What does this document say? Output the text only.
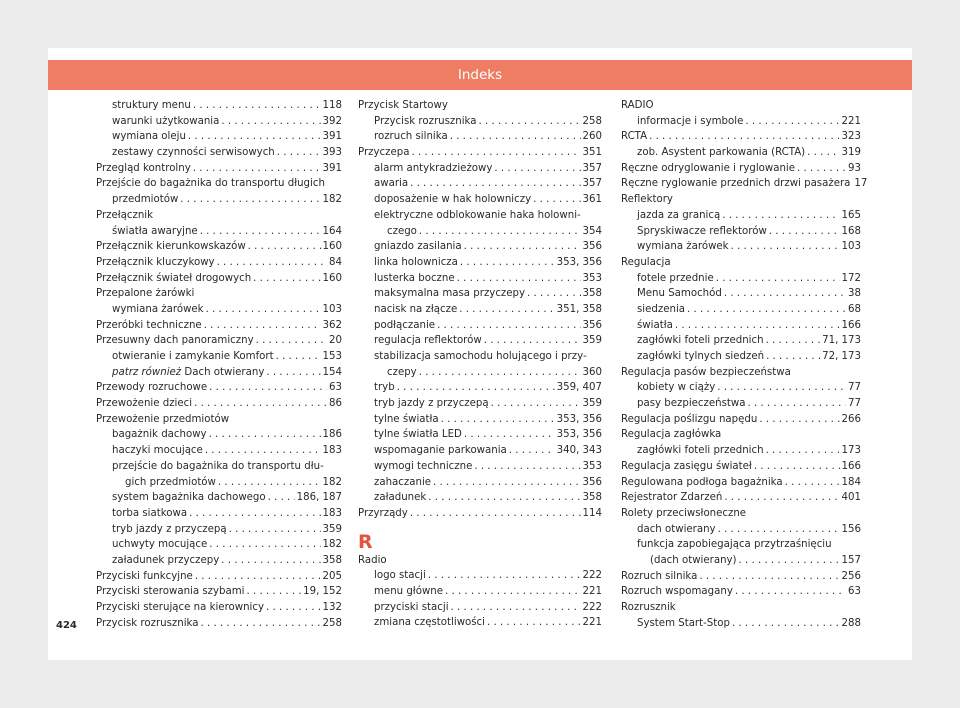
Indeks
struktury menu . . .	118
warunki użytkowania . . .	392
wymiana oleju . . .	391
zestawy czynności serwisowych . . .	393
Przegląd kontrolny . . .	391
Przejście do bagażnika do transportu długich
przedmiotów . . .	182
Przełącznik
światła awaryjne . . .	164
Przełącznik kierunkowskazów . . .	160
Przełącznik kluczykowy . . .	84
Przełącznik świateł drogowych . . .	160
Przepalone żarówki
wymiana żarówek . . .	103
Przeróbki techniczne . . .	362
Przesuwny dach panoramiczny . . .	20
otwieranie i zamykanie Komfort . . .	153
patrz również Dach otwierany . . .	154
Przewody rozruchowe . . .	63
Przewożenie dzieci . . .	86
Przewożenie przedmiotów
bagażnik dachowy . . .	186
haczyki mocujące . . .	183
przejście do bagażnika do transportu dłu-
gich przedmiotów . . .	182
system bagażnika dachowego . . .	186, 187
torba siatkowa . . .	183
tryb jazdy z przyczepą . . .	359
uchwyty mocujące . . .	182
załadunek przyczepy . . .	358
Przyciski funkcyjne . . .	205
Przyciski sterowania szybami . . .	19, 152
Przyciski sterujące na kierownicy . . .	132
Przycisk rozrusznika . . .	258
Przycisk Startowy
Przycisk rozrusznika . . .	258
rozruch silnika . . .	260
Przyczepa . . .	351
alarm antykradzieżowy . . .	357
awaria . . .	357
doposażenie w hak holowniczy . . .	361
elektryczne odblokowanie haka holowni-
czego . . .	354
gniazdo zasilania . . .	356
linka holownicza . . .	353, 356
lusterka boczne . . .	353
maksymalna masa przyczepy . . .	358
nacisk na złącze . . .	351, 358
podłączanie . . .	356
regulacja reflektorów . . .	359
stabilizacja samochodu holującego i przy-
czepy . . .	360
tryb . . .	359, 407
tryb jazdy z przyczepą . . .	359
tylne światła . . .	353, 356
tylne światła LED . . .	353, 356
wspomaganie parkowania . . .	340, 343
wymogi techniczne . . .	353
zahaczanie . . .	356
załadunek . . .	358
Przyrządy . . .	114
R
Radio
logo stacji . . .	222
menu główne . . .	221
przyciski stacji . . .	222
zmiana częstotliwości . . .	221
RADIO
informacje i symbole . . .	221
RCTA . . .	323
zob. Asystent parkowania (RCTA) . . .	319
Ręczne odryglowanie i ryglowanie . . .	93
Ręczne ryglowanie przednich drzwi pasażera 17
Reflektory
jazda za granicą . . .	165
Spryskiwacze reflektorów . . .	168
wymiana żarówek . . .	103
Regulacja
fotele przednie . . .	172
Menu Samochód . . .	38
siedzenia . . .	68
światła . . .	166
zagłówki foteli przednich . . .	71, 173
zagłówki tylnych siedzeń . . .	72, 173
Regulacja pasów bezpieczeństwa
kobiety w ciąży . . .	77
pasy bezpieczeństwa . . .	77
Regulacja poślizgu napędu . . .	266
Regulacja zagłówka
zagłówki foteli przednich . . .	173
Regulacja zasięgu świateł . . .	166
Regulowana podłoga bagażnika . . .	184
Rejestrator Zdarzeń . . .	401
Rolety przeciwsłoneczne
dach otwierany . . .	156
funkcja zapobiegająca przytrzaśnięciu
(dach otwierany) . . .	157
Rozruch silnika . . .	256
Rozruch wspomagany . . .	63
Rozrusznik
System Start-Stop . . .	288
424
